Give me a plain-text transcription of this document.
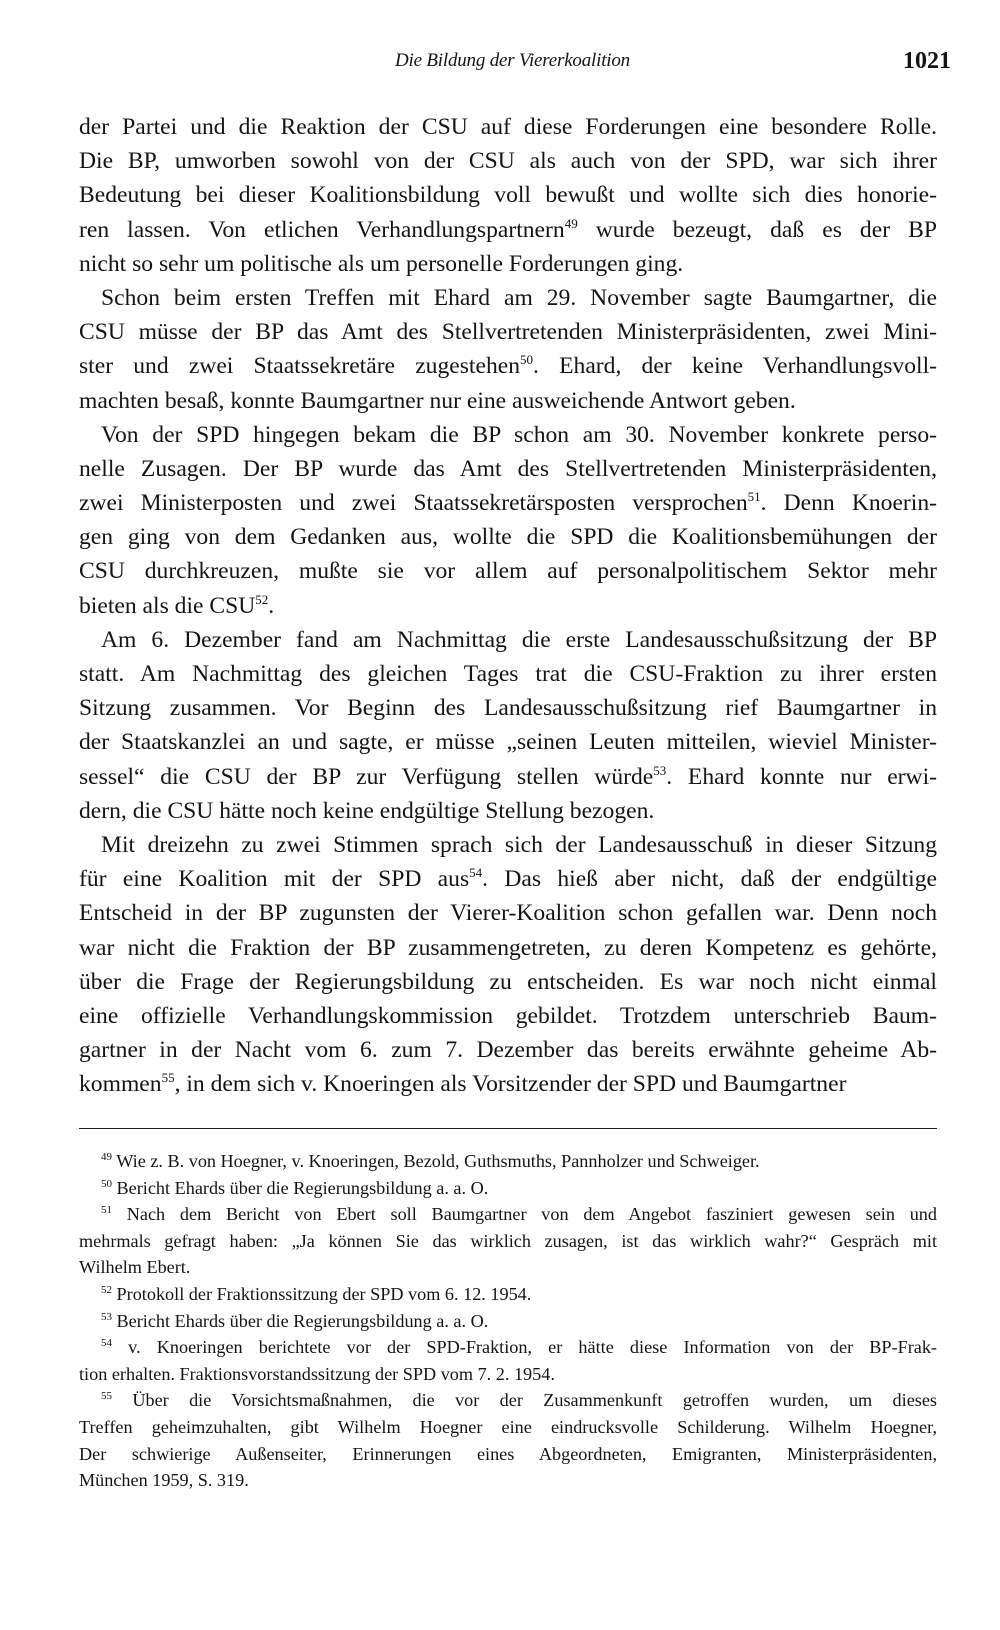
Die Bildung der Viererkoalition	1021
der Partei und die Reaktion der CSU auf diese Forderungen eine besondere Rolle.
Die BP, umworben sowohl von der CSU als auch von der SPD, war sich ihrer
Bedeutung bei dieser Koalitionsbildung voll bewußt und wollte sich dies honorie-
ren lassen. Von etlichen Verhandlungspartnern$^{49}$ wurde bezeugt, daß es der BP
nicht so sehr um politische als um personelle Forderungen ging.
Schon beim ersten Treffen mit Ehard am 29. November sagte Baumgartner, die
CSU müsse der BP das Amt des Stellvertretenden Ministerpräsidenten, zwei Mini-
ster und zwei Staatssekretäre zugestehen$^{50}$. Ehard, der keine Verhandlungsvoll-
machten besaß, konnte Baumgartner nur eine ausweichende Antwort geben.
Von der SPD hingegen bekam die BP schon am 30. November konkrete perso-
nelle Zusagen. Der BP wurde das Amt des Stellvertretenden Ministerpräsidenten,
zwei Ministerposten und zwei Staatssekretärsposten versprochen$^{51}$. Denn Knoerin-
gen ging von dem Gedanken aus, wollte die SPD die Koalitionsbemühungen der
CSU durchkreuzen, mußte sie vor allem auf personalpolitischem Sektor mehr
bieten als die CSU$^{52}$.
Am 6. Dezember fand am Nachmittag die erste Landesausschußsitzung der BP
statt. Am Nachmittag des gleichen Tages trat die CSU-Fraktion zu ihrer ersten
Sitzung zusammen. Vor Beginn des Landesausschußsitzung rief Baumgartner in
der Staatskanzlei an und sagte, er müsse „seinen Leuten mitteilen, wieviel Minister-
sessel“ die CSU der BP zur Verfügung stellen würde$^{53}$. Ehard konnte nur erwi-
dern, die CSU hätte noch keine endgültige Stellung bezogen.
Mit dreizehn zu zwei Stimmen sprach sich der Landesausschuß in dieser Sitzung
für eine Koalition mit der SPD aus$^{54}$. Das hieß aber nicht, daß der endgültige
Entscheid in der BP zugunsten der Vierer-Koalition schon gefallen war. Denn noch
war nicht die Fraktion der BP zusammengetreten, zu deren Kompetenz es gehörte,
über die Frage der Regierungsbildung zu entscheiden. Es war noch nicht einmal
eine offizielle Verhandlungskommission gebildet. Trotzdem unterschrieb Baum-
gartner in der Nacht vom 6. zum 7. Dezember das bereits erwähnte geheime Ab-
kommen$^{55}$, in dem sich v. Knoeringen als Vorsitzender der SPD und Baumgartner
$^{49}$ Wie z. B. von Hoegner, v. Knoeringen, Bezold, Guthsmuths, Pannholzer und Schweiger.
$^{50}$ Bericht Ehards über die Regierungsbildung a. a. O.
$^{51}$ Nach dem Bericht von Ebert soll Baumgartner von dem Angebot fasziniert gewesen sein und
mehrmals gefragt haben: „Ja können Sie das wirklich zusagen, ist das wirklich wahr?“ Gespräch mit
Wilhelm Ebert.
$^{52}$ Protokoll der Fraktionssitzung der SPD vom 6. 12. 1954.
$^{53}$ Bericht Ehards über die Regierungsbildung a. a. O.
$^{54}$ v. Knoeringen berichtete vor der SPD-Fraktion, er hätte diese Information von der BP-Frak-
tion erhalten. Fraktionsvorstandssitzung der SPD vom 7. 2. 1954.
$^{55}$ Über die Vorsichtsmaßnahmen, die vor der Zusammenkunft getroffen wurden, um dieses
Treffen geheimzuhalten, gibt Wilhelm Hoegner eine eindrucksvolle Schilderung. Wilhelm Hoegner,
Der schwierige Außenseiter, Erinnerungen eines Abgeordneten, Emigranten, Ministerpräsidenten,
München 1959, S. 319.
